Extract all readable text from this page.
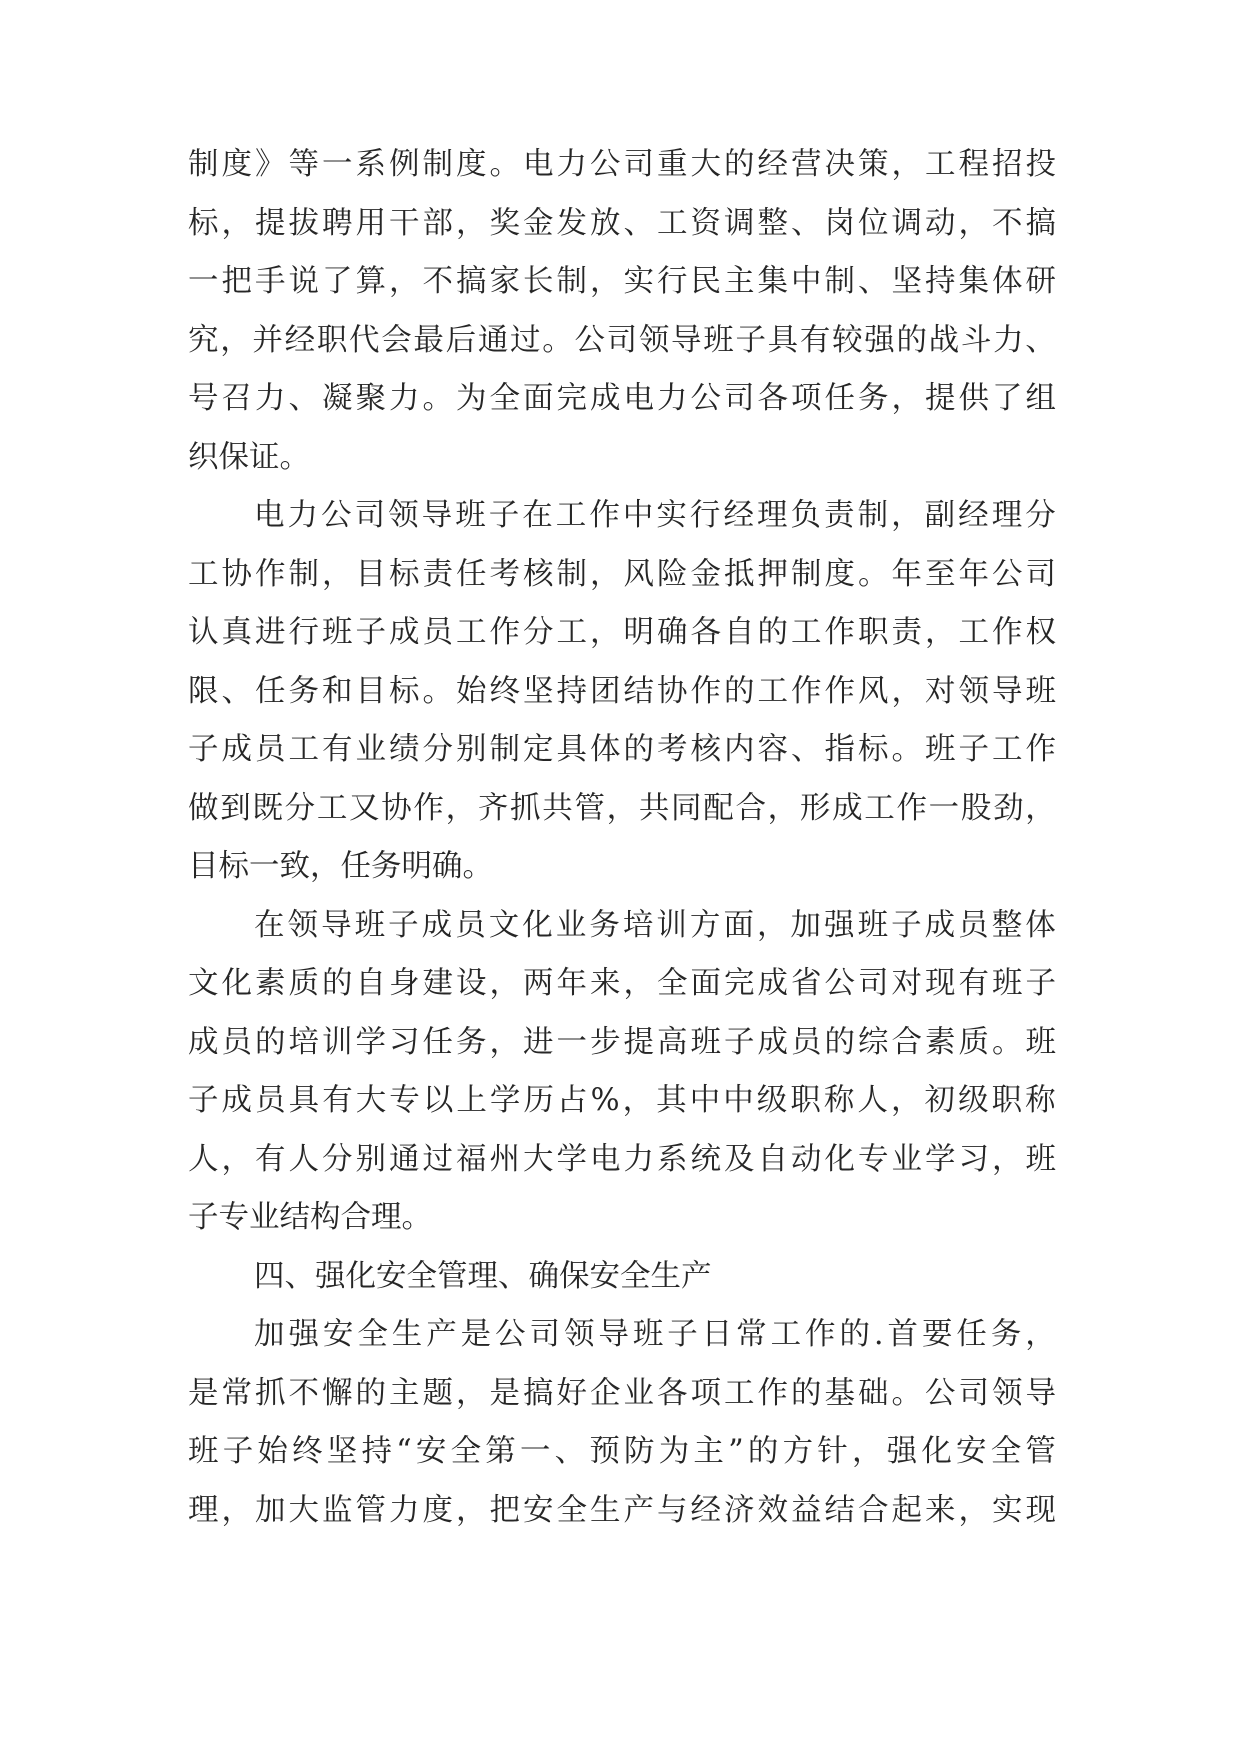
制 度 》 等 一 系 例 制 度 。 电 力 公 司 重 大 的 经 营 决 策 ， 工 程 招 投
标 ， 提 拔 聘 用 干 部 ， 奖 金 发 放 、 工 资 调 整 、 岗 位 调 动 ， 不 搞
一 把 手 说 了 算 ， 不 搞 家 长 制 ， 实 行 民 主 集 中 制 、 坚 持 集 体 研
究 ， 并 经 职 代 会 最 后 通 过 。 公 司 领 导 班 子 具 有 较 强 的 战 斗 力 、
号 召 力 、 凝 聚 力 。 为 全 面 完 成 电 力 公 司 各 项 任 务 ， 提 供 了 组
织保证。
电 力 公 司 领 导 班 子 在 工 作 中 实 行 经 理 负 责 制 ， 副 经 理 分
工 协 作 制 ， 目 标 责 任 考 核 制 ， 风 险 金 抵 押 制 度 。 年 至 年 公 司
认 真 进 行 班 子 成 员 工 作 分 工 ， 明 确 各 自 的 工 作 职 责 ， 工 作 权
限 、 任 务 和 目 标 。 始 终 坚 持 团 结 协 作 的 工 作 作 风 ， 对 领 导 班
子 成 员 工 有 业 绩 分 别 制 定 具 体 的 考 核 内 容 、 指 标 。 班 子 工 作
做 到 既 分 工 又 协 作 ， 齐 抓 共 管 ， 共 同 配 合 ， 形 成 工 作 一 股 劲 ，
目标一致，任务明确。
在 领 导 班 子 成 员 文 化 业 务 培 训 方 面 ， 加 强 班 子 成 员 整 体
文 化 素 质 的 自 身 建 设 ， 两 年 来 ， 全 面 完 成 省 公 司 对 现 有 班 子
成 员 的 培 训 学 习 任 务 ， 进 一 步 提 高 班 子 成 员 的 综 合 素 质 。 班
子 成 员 具 有 大 专 以 上 学 历 占 % ， 其 中 中 级 职 称 人 ， 初 级 职 称
人 ， 有 人 分 别 通 过 福 州 大 学 电 力 系 统 及 自 动 化 专 业 学 习 ， 班
子专业结构合理。
四、强化安全管理、确保安全生产
加 强 安 全 生 产 是 公 司 领 导 班 子 日 常 工 作 的 . 首 要 任 务 ，
是 常 抓 不 懈 的 主 题 ， 是 搞 好 企 业 各 项 工 作 的 基 础 。 公 司 领 导
班 子 始 终 坚 持 “ 安 全 第 一 、 预 防 为 主 ” 的 方 针 ， 强 化 安 全 管
理 ， 加 大 监 管 力 度 ， 把 安 全 生 产 与 经 济 效 益 结 合 起 来 ， 实 现
